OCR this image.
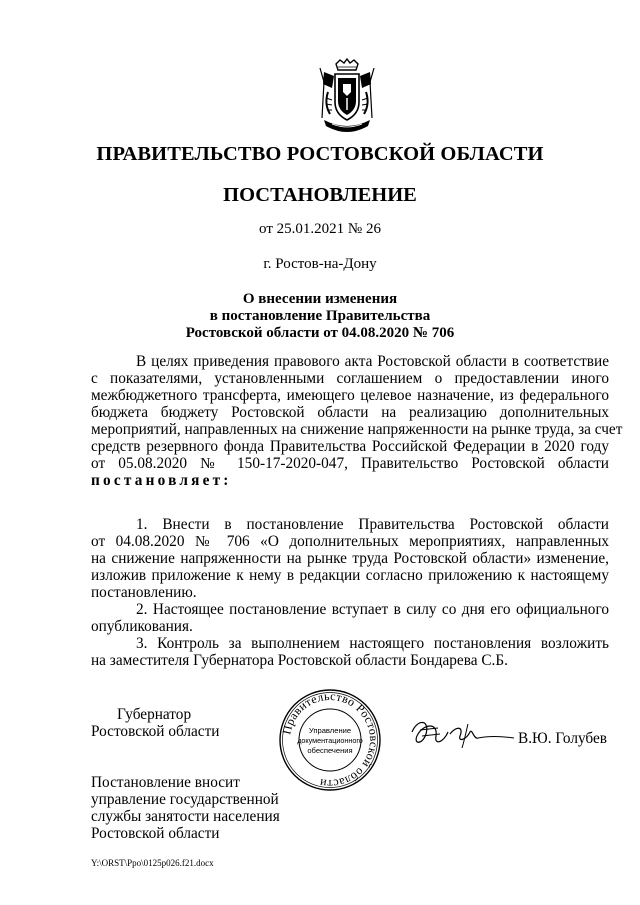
ПРАВИТЕЛЬСТВО РОСТОВСКОЙ ОБЛАСТИ
ПОСТАНОВЛЕНИЕ
от 25.01.2021 № 26
г. Ростов-на-Дону
О внесении изменения
в постановление Правительства
Ростовской области от 04.08.2020 № 706
В целях приведения правового акта Ростовской области в соответствие
с показателями, установленными соглашением о предоставлении иного
межбюджетного трансферта, имеющего целевое назначение, из федерального
бюджета бюджету Ростовской области на реализацию дополнительных
мероприятий, направленных на снижение напряженности на рынке труда, за счет
средств резервного фонда Правительства Российской Федерации в 2020 году
от 05.08.2020 № 150-17-2020-047, Правительство Ростовской области
постановляет:
1. Внести в постановление Правительства Ростовской области
от 04.08.2020 № 706 «О дополнительных мероприятиях, направленных
на снижение напряженности на рынке труда Ростовской области» изменение,
изложив приложение к нему в редакции согласно приложению к настоящему
постановлению.
2. Настоящее постановление вступает в силу со дня его официального
опубликования.
3. Контроль за выполнением настоящего постановления возложить
на заместителя Губернатора Ростовской области Бондарева С.Б.
Губернатор
Ростовской области	Правительство Ростовской области
Управление
документационного
обеспечения
В.Ю. Голубев
Постановление вносит
управление государственной
службы занятости населения
Ростовской области
Y:\ORST\Ppo\0125p026.f21.docx
